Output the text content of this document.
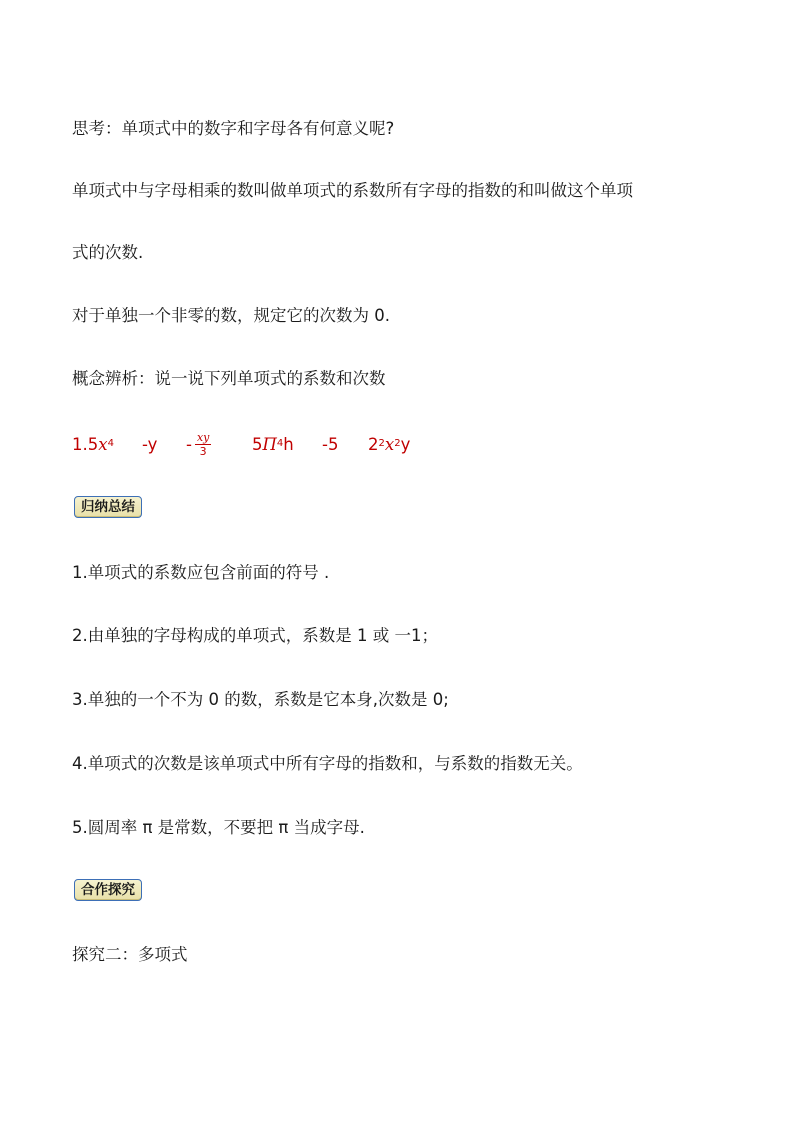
思考：单项式中的数字和字母各有何意义呢?
单项式中与字母相乘的数叫做单项式的系数所有字母的指数的和叫做这个单项
式的次数.
对于单独一个非零的数，规定它的次数为 0.
概念辨析：说一说下列单项式的系数和次数
1.5 x 4 $-y - \frac{xy}{3} 5$ Π 4 h -5 2 2 x 2 y
归纳总结
1.单项式的系数应包含前面的符号 .
2.由单独的字母构成的单项式，系数是 1 或 一1；
3.单独的一个不为 0 的数，系数是它本身,次数是 0;
4.单项式的次数是该单项式中所有字母的指数和，与系数的指数无关。
5.圆周率 π 是常数，不要把 π 当成字母.
合作探究
探究二：多项式
